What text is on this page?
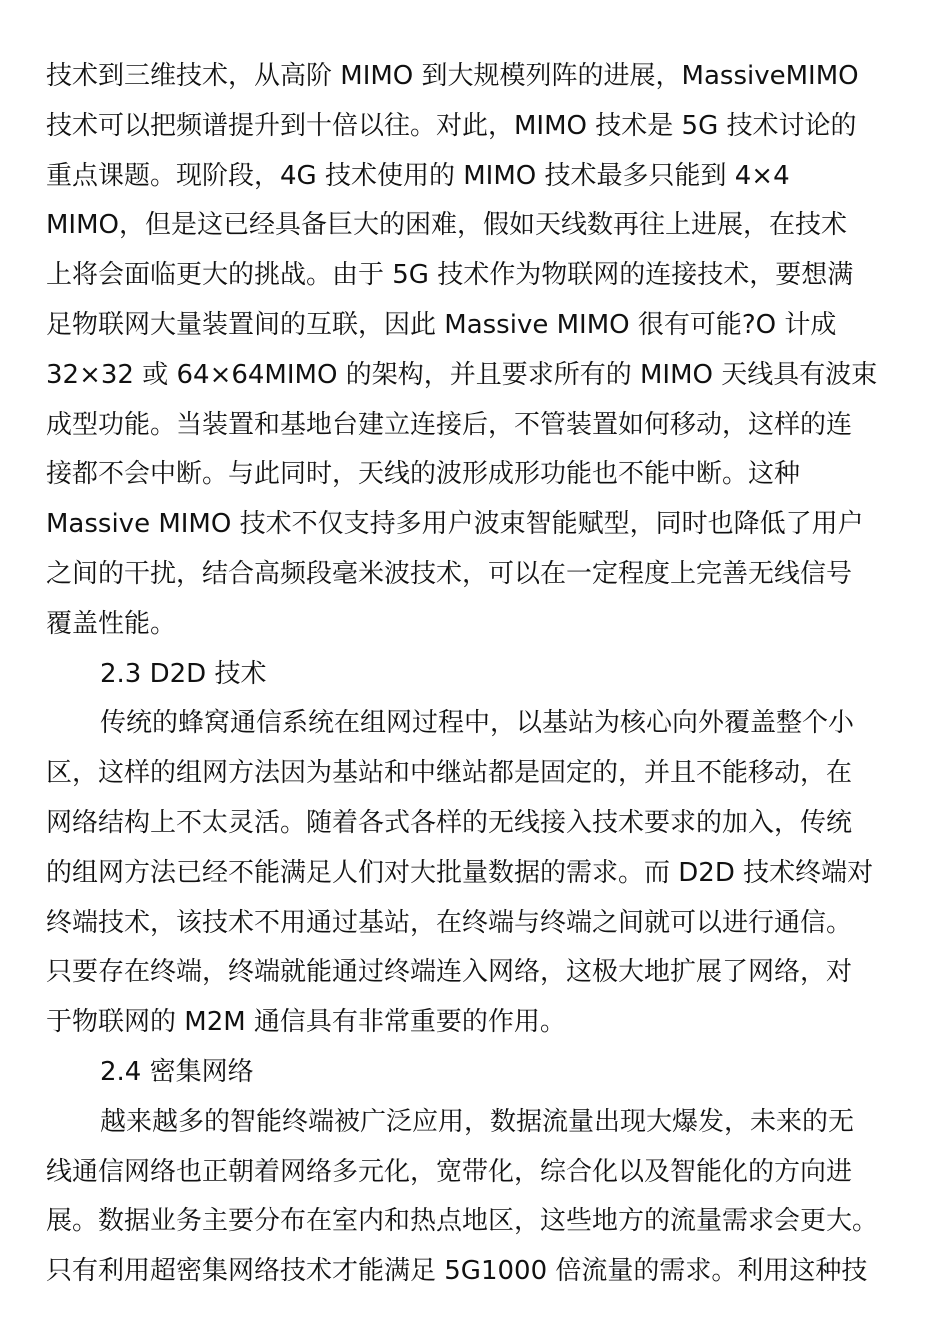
技术到三维技术，从高阶 MIMO 到大规模列阵的进展，MassiveMIMO
技术可以把频谱提升到十倍以往。对此，MIMO 技术是 5G 技术讨论的
重点课题。现阶段，4G 技术使用的 MIMO 技术最多只能到 4×4
MIMO，但是这已经具备巨大的困难，假如天线数再往上进展，在技术
上将会面临更大的挑战。由于 5G 技术作为物联网的连接技术，要想满
足物联网大量装置间的互联，因此 Massive MIMO 很有可能?O 计成
32×32 或 64×64MIMO 的架构，并且要求所有的 MIMO 天线具有波束
成型功能。当装置和基地台建立连接后，不管装置如何移动，这样的连
接都不会中断。与此同时，天线的波形成形功能也不能中断。这种
Massive MIMO 技术不仅支持多用户波束智能赋型，同时也降低了用户
之间的干扰，结合高频段毫米波技术，可以在一定程度上完善无线信号
覆盖性能。
2.3 D2D 技术
传统的蜂窝通信系统在组网过程中，以基站为核心向外覆盖整个小
区，这样的组网方法因为基站和中继站都是固定的，并且不能移动，在
网络结构上不太灵活。随着各式各样的无线接入技术要求的加入，传统
的组网方法已经不能满足人们对大批量数据的需求。而 D2D 技术终端对
终端技术，该技术不用通过基站，在终端与终端之间就可以进行通信。
只要存在终端，终端就能通过终端连入网络，这极大地扩展了网络，对
于物联网的 M2M 通信具有非常重要的作用。
2.4 密集网络
越来越多的智能终端被广泛应用，数据流量出现大爆发，未来的无
线通信网络也正朝着网络多元化，宽带化，综合化以及智能化的方向进
展。数据业务主要分布在室内和热点地区，这些地方的流量需求会更大。
只有利用超密集网络技术才能满足 5G1000 倍流量的需求。利用这种技
